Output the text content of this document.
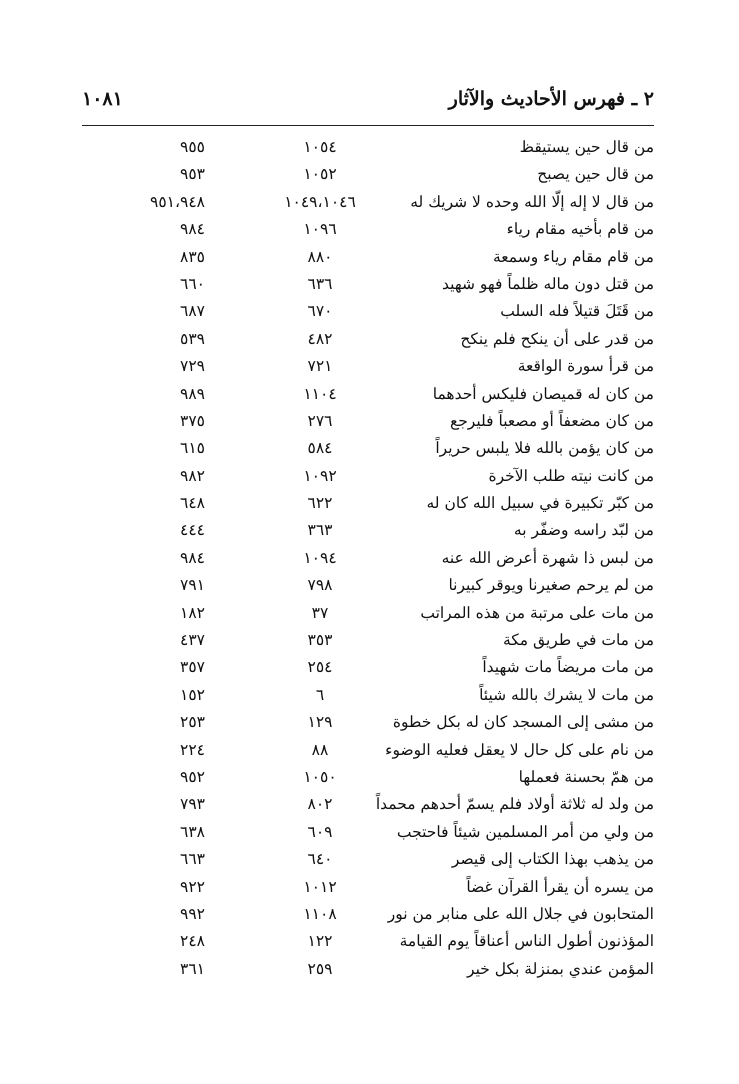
٢ ـ فهرس الأحاديث والآثار
١٠٨١
من قال حين يستيقظ
١٠٥٤
٩٥٥
من قال حين يصبح
١٠٥٢
٩٥٣
من قال لا إله إلّا الله وحده لا شريك له
١٠٤٩،١٠٤٦
٩٥١،٩٤٨
من قام بأخيه مقام رياء
١٠٩٦
٩٨٤
من قام مقام رياء وسمعة
٨٨٠
٨٣٥
من قتل دون ماله ظلماً فهو شهيد
٦٣٦
٦٦٠
من قَتَلَ قتيلاً فله السلب
٦٧٠
٦٨٧
من قدر على أن ينكح فلم ينكح
٤٨٢
٥٣٩
من قرأ سورة الواقعة
٧٢١
٧٢٩
من كان له قميصان فليكس أحدهما
١١٠٤
٩٨٩
من كان مضعفاً أو مصعباً فليرجع
٢٧٦
٣٧٥
من كان يؤمن بالله فلا يلبس حريراً
٥٨٤
٦١٥
من كانت نيته طلب الآخرة
١٠٩٢
٩٨٢
من كبّر تكبيرة في سبيل الله كان له
٦٢٢
٦٤٨
من لبّد راسه وضفّر به
٣٦٣
٤٤٤
من لبس ذا شهرة أعرض الله عنه
١٠٩٤
٩٨٤
من لم يرحم صغيرنا ويوقر كبيرنا
٧٩٨
٧٩١
من مات على مرتبة من هذه المراتب
٣٧
١٨٢
من مات في طريق مكة
٣٥٣
٤٣٧
من مات مريضاً مات شهيداً
٢٥٤
٣٥٧
من مات لا يشرك بالله شيئاً
٦
١٥٢
من مشى إلى المسجد كان له بكل خطوة
١٢٩
٢٥٣
من نام على كل حال لا يعقل فعليه الوضوء
٨٨
٢٢٤
من همّ بحسنة فعملها
١٠٥٠
٩٥٢
من ولد له ثلاثة أولاد فلم يسمّ أحدهم محمداً
٨٠٢
٧٩٣
من ولي من أمر المسلمين شيئاً فاحتجب
٦٠٩
٦٣٨
من يذهب بهذا الكتاب إلى قيصر
٦٤٠
٦٦٣
من يسره أن يقرأ القرآن غضاً
١٠١٢
٩٢٢
المتحابون في جلال الله على منابر من نور
١١٠٨
٩٩٢
المؤذنون أطول الناس أعناقاً يوم القيامة
١٢٢
٢٤٨
المؤمن عندي بمنزلة بكل خير
٢٥٩
٣٦١
